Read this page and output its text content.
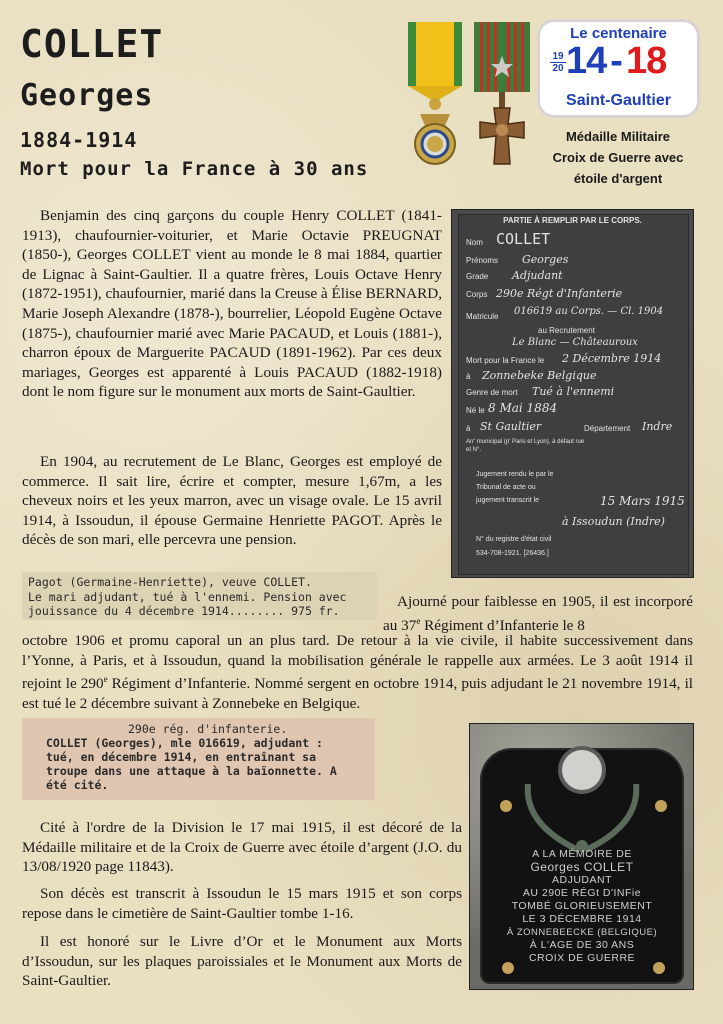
COLLET
Georges
1884-1914
Mort pour la France à 30 ans
Le centenaire
19
20 14 - 18
Saint-Gaultier
Médaille Militaire
Croix de Guerre avec
étoile d'argent

Benjamin des cinq garçons du couple Henry COLLET (1841-1913), chaufournier-voiturier, et Marie Octavie PREUGNAT (1850-), Georges COLLET vient au monde le 8 mai 1884, quartier de Lignac à Saint-Gaultier. Il a quatre frères, Louis Octave Henry (1872-1951), chaufournier, marié dans la Creuse à Élise BERNARD, Marie Joseph Alexandre (1878-), bourrelier, Léopold Eugène Octave (1875-), chaufournier marié avec Marie PACAUD, et Louis (1881-), charron époux de Marguerite PACAUD (1891-1962). Par ces deux mariages, Georges est apparenté à Louis PACAUD (1882-1918) dont le nom figure sur le monument aux morts de Saint-Gaultier.

PARTIE À REMPLIR PAR LE CORPS.
Nom COLLET
Prénoms Georges
Grade Adjudant
Corps 290e Régt d'Infanterie
Matricule 016619 au Corps. — Cl. 1904
au Recrutement
Le Blanc — Châteauroux
Mort pour la France le 2 Décembre 1914
à Zonnebeke Belgique
Genre de mort Tué à l'ennemi
Né le 8 Mai 1884
à St Gaultier	Département Indre
Arr' municipal (p' Paris et Lyon), à défaut rue et N°.
Jugement rendu le par le Tribunal de acte ou jugement transcrit le	15 Mars 1915
à Issoudun (Indre)
N° du registre d'état civil
534-708-1921. [26436.]

En 1904, au recrutement de Le Blanc, Georges est employé de commerce. Il sait lire, écrire et compter, mesure 1,67m, a les cheveux noirs et les yeux marron, avec un visage ovale. Le 15 avril 1914, à Issoudun, il épouse Germaine Henriette PAGOT. Après le décès de son mari, elle percevra une pension.

Pagot (Germaine-Henriette), veuve COLLET.
Le mari adjudant, tué à l'ennemi. Pension avec
jouissance du 4 décembre 1914........ 975 fr.
Ajourné pour faiblesse en 1905, il est incorporé au 37e Régiment d’Infanterie le 8
octobre 1906 et promu caporal un an plus tard. De retour à la vie civile, il habite successivement dans l’Yonne, à Paris, et à Issoudun, quand la mobilisation générale le rappelle aux armées. Le 3 août 1914 il rejoint le 290e Régiment d’Infanterie. Nommé sergent en octobre 1914, puis adjudant le 21 novembre 1914, il est tué le 2 décembre suivant à Zonnebeke en Belgique.
290e rég. d'infanterie.
COLLET (Georges), mle 016619, adjudant :
tué, en décembre 1914, en entraînant sa
troupe dans une attaque à la baïonnette. A
été cité.
A LA MÉMOIRE DE
Georges COLLET
ADJUDANT
AU 290E RÉGt D'INFie
TOMBÉ GLORIEUSEMENT
LE 3 DÉCEMBRE 1914
À ZONNEBEECKE (BELGIQUE)
À L'AGE DE 30 ANS
CROIX DE GUERRE

Cité à l'ordre de la Division le 17 mai 1915, il est décoré de la Médaille militaire et de la Croix de Guerre avec étoile d’argent (J.O. du 13/08/1920 page 11843).

Son décès est transcrit à Issoudun le 15 mars 1915 et son corps repose dans le cimetière de Saint-Gaultier tombe 1-16.

Il est honoré sur le Livre d’Or et le Monument aux Morts d’Issoudun, sur les plaques paroissiales et le Monument aux Morts de Saint-Gaultier.
